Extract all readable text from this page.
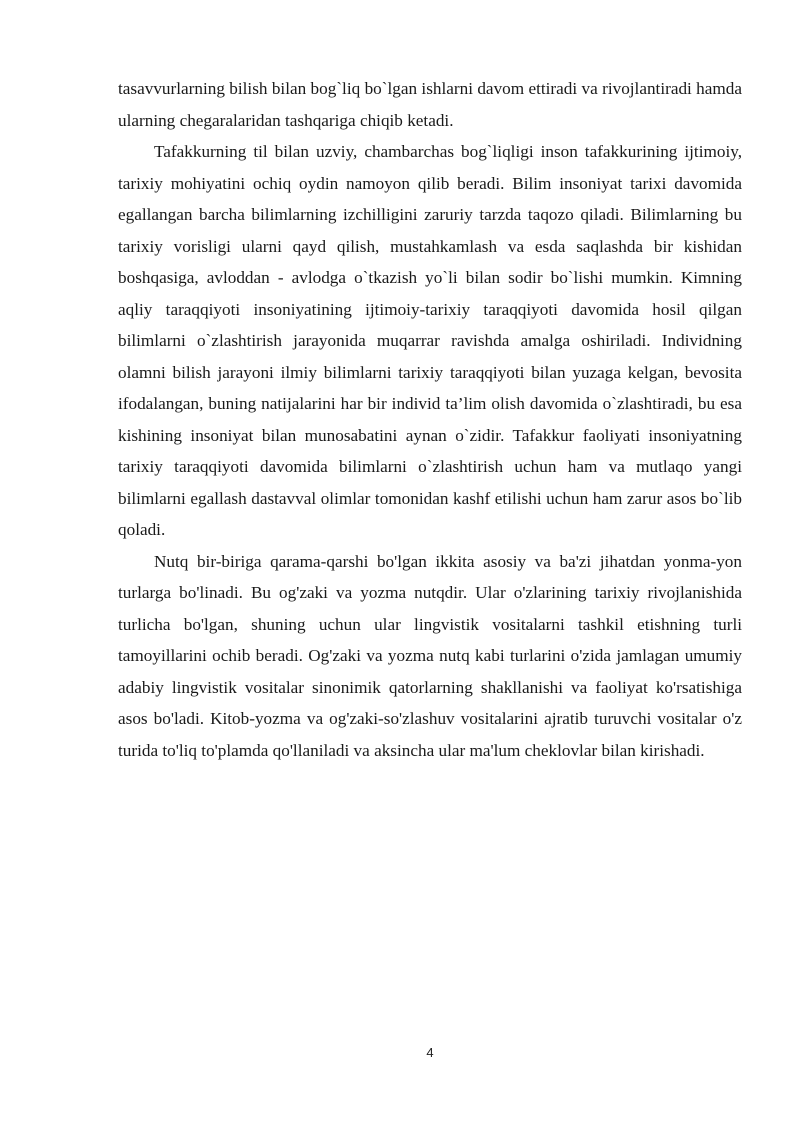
tasavvurlarning bilish bilan bog`liq bo`lgan ishlarni davom ettiradi va rivojlantiradi hamda ularning chegaralaridan tashqariga chiqib ketadi.

Tafakkurning til bilan uzviy, chambarchas bog`liqligi inson tafakkurining ijtimoiy, tarixiy mohiyatini ochiq oydin namoyon qilib beradi. Bilim insoniyat tarixi davomida egallangan barcha bilimlarning izchilligini zaruriy tarzda taqozo qiladi. Bilimlarning bu tarixiy vorisligi ularni qayd qilish, mustahkamlash va esda saqlashda bir kishidan boshqasiga, avloddan - avlodga o`tkazish yo`li bilan sodir bo`lishi mumkin. Kimning aqliy taraqqiyoti insoniyatining ijtimoiy-tarixiy taraqqiyoti davomida hosil qilgan bilimlarni o`zlashtirish jarayonida muqarrar ravishda amalga oshiriladi. Individning olamni bilish jarayoni ilmiy bilimlarni tarixiy taraqqiyoti bilan yuzaga kelgan, bevosita ifodalangan, buning natijalarini har bir individ ta’lim olish davomida o`zlashtiradi, bu esa kishining insoniyat bilan munosabatini aynan o`zidir. Tafakkur faoliyati insoniyatning tarixiy taraqqiyoti davomida bilimlarni o`zlashtirish uchun ham va mutlaqo yangi bilimlarni egallash dastavval olimlar tomonidan kashf etilishi uchun ham zarur asos bo`lib qoladi.

Nutq bir-biriga qarama-qarshi bo'lgan ikkita asosiy va ba'zi jihatdan yonma-yon turlarga bo'linadi. Bu og'zaki va yozma nutqdir. Ular o'zlarining tarixiy rivojlanishida turlicha bo'lgan, shuning uchun ular lingvistik vositalarni tashkil etishning turli tamoyillarini ochib beradi. Og'zaki va yozma nutq kabi turlarini o'zida jamlagan umumiy adabiy lingvistik vositalar sinonimik qatorlarning shakllanishi va faoliyat ko'rsatishiga asos bo'ladi. Kitob-yozma va og'zaki-so'zlashuv vositalarini ajratib turuvchi vositalar o'z turida to'liq to'plamda qo'llaniladi va aksincha ular ma'lum cheklovlar bilan kirishadi.

4
